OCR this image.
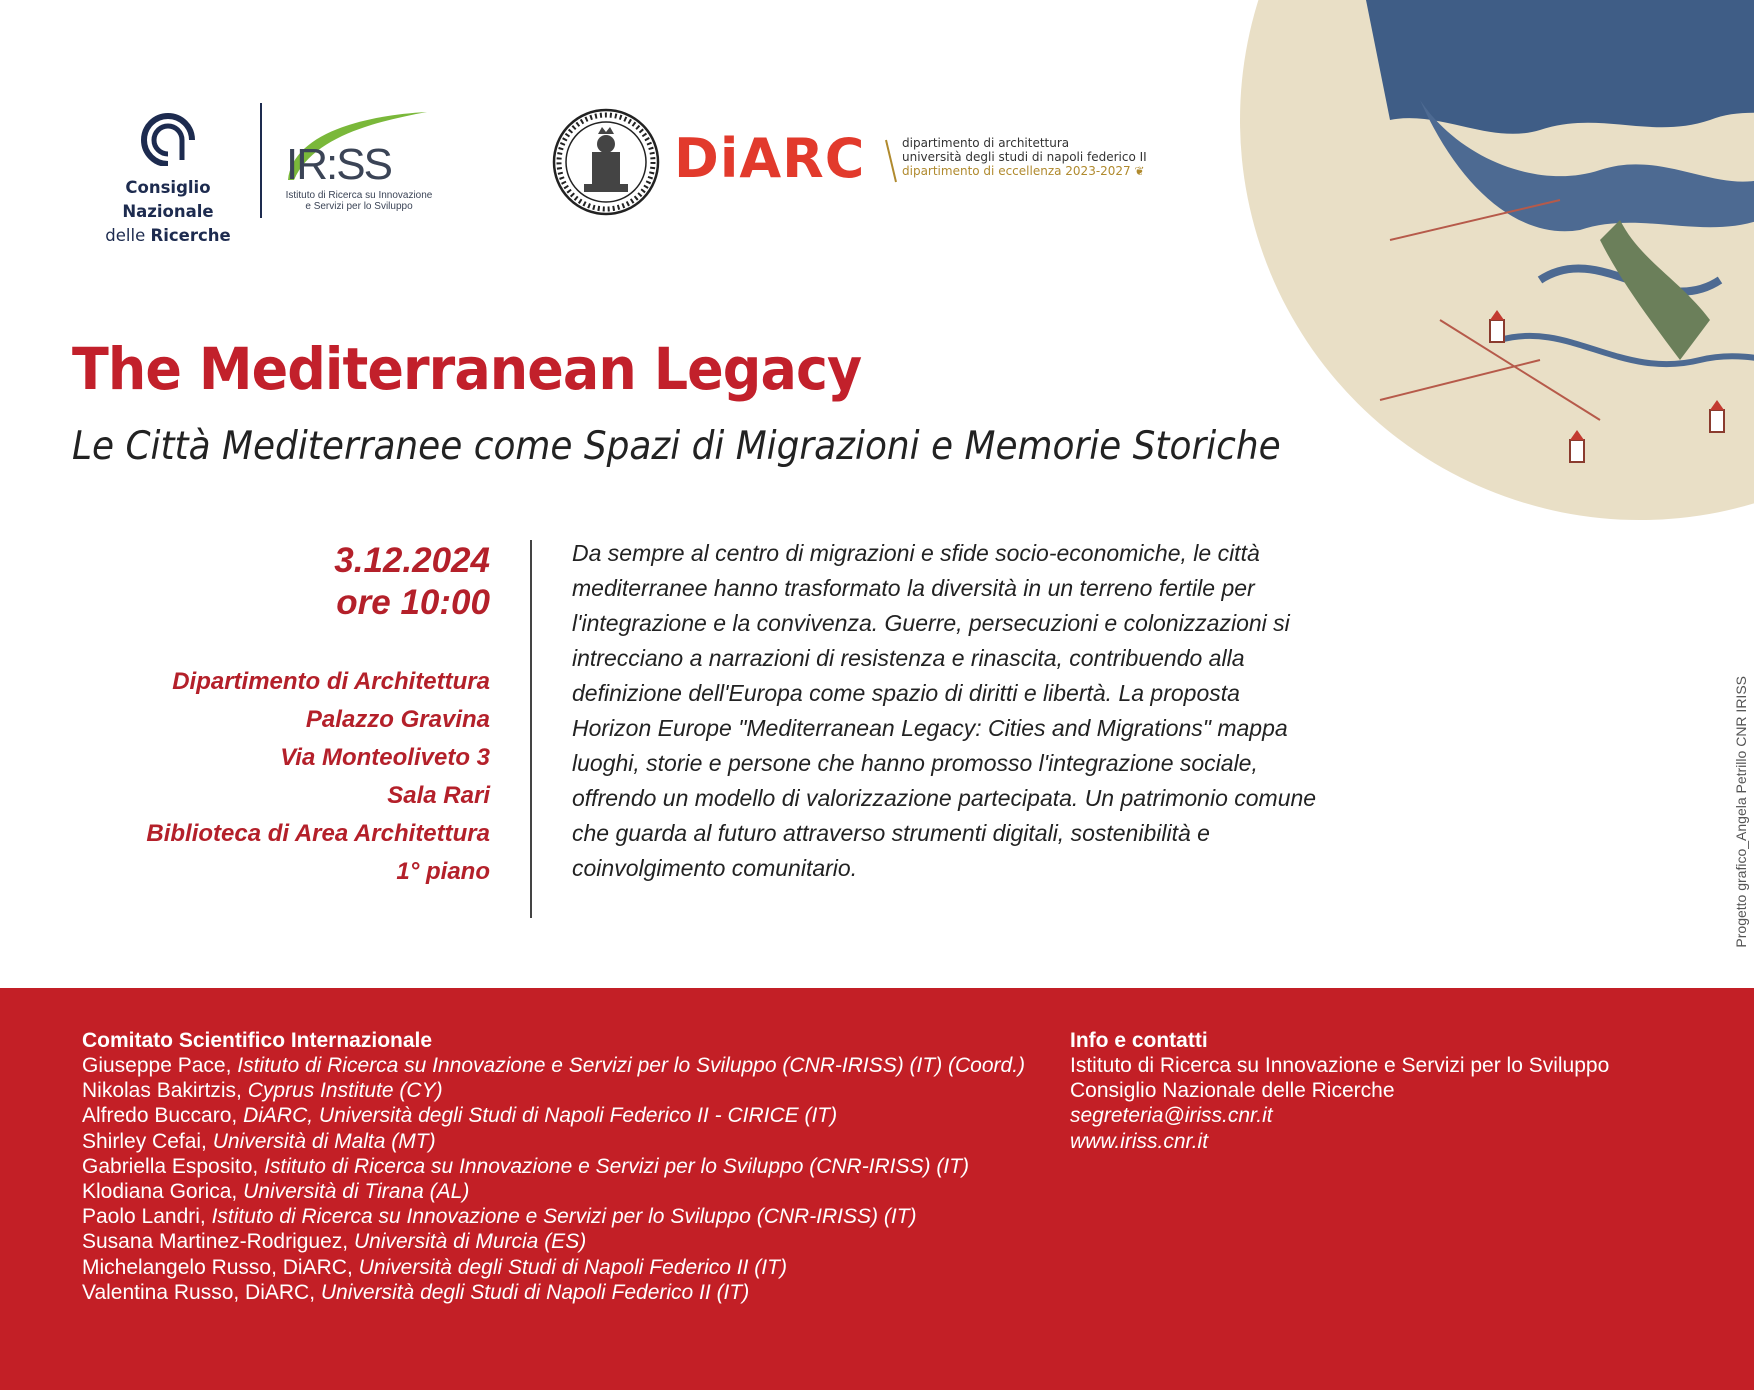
Consiglio Nazionale
delle Ricerche
IR:SS
Istituto di Ricerca su Innovazione
e Servizi per lo Sviluppo
DiARC	dipartimento di architettura
università degli studi di napoli federico II
dipartimento di eccellenza 2023-2027 ❦
The Mediterranean Legacy
Le Città Mediterranee come Spazi di Migrazioni e Memorie Storiche
3.12.2024
ore 10:00
Dipartimento di Architettura
Palazzo Gravina
Via Monteoliveto 3
Sala Rari
Biblioteca di Area Architettura
1° piano
Da sempre al centro di migrazioni e sfide socio-economiche, le città mediterranee hanno trasformato la diversità in un terreno fertile per l'integrazione e la convivenza. Guerre, persecuzioni e colonizzazioni si intrecciano a narrazioni di resistenza e rinascita, contribuendo alla definizione dell'Europa come spazio di diritti e libertà. La proposta Horizon Europe "Mediterranean Legacy: Cities and Migrations" mappa luoghi, storie e persone che hanno promosso l'integrazione sociale, offrendo un modello di valorizzazione partecipata. Un patrimonio comune che guarda al futuro attraverso strumenti digitali, sostenibilità e coinvolgimento comunitario.	Progetto grafico_Angela Petrillo CNR IRISS
Comitato Scientifico Internazionale
Giuseppe Pace, Istituto di Ricerca su Innovazione e Servizi per lo Sviluppo (CNR-IRISS) (IT) (Coord.)
Nikolas Bakirtzis, Cyprus Institute (CY)
Alfredo Buccaro, DiARC, Università degli Studi di Napoli Federico II - CIRICE (IT)
Shirley Cefai, Università di Malta (MT)
Gabriella Esposito, Istituto di Ricerca su Innovazione e Servizi per lo Sviluppo (CNR-IRISS) (IT)
Klodiana Gorica, Università di Tirana (AL)
Paolo Landri, Istituto di Ricerca su Innovazione e Servizi per lo Sviluppo (CNR-IRISS) (IT)
Susana Martinez-Rodriguez, Università di Murcia (ES)
Michelangelo Russo, DiARC, Università degli Studi di Napoli Federico II (IT)
Valentina Russo, DiARC, Università degli Studi di Napoli Federico II (IT)
Info e contatti
Istituto di Ricerca su Innovazione e Servizi per lo Sviluppo
Consiglio Nazionale delle Ricerche
segreteria@iriss.cnr.it
www.iriss.cnr.it
